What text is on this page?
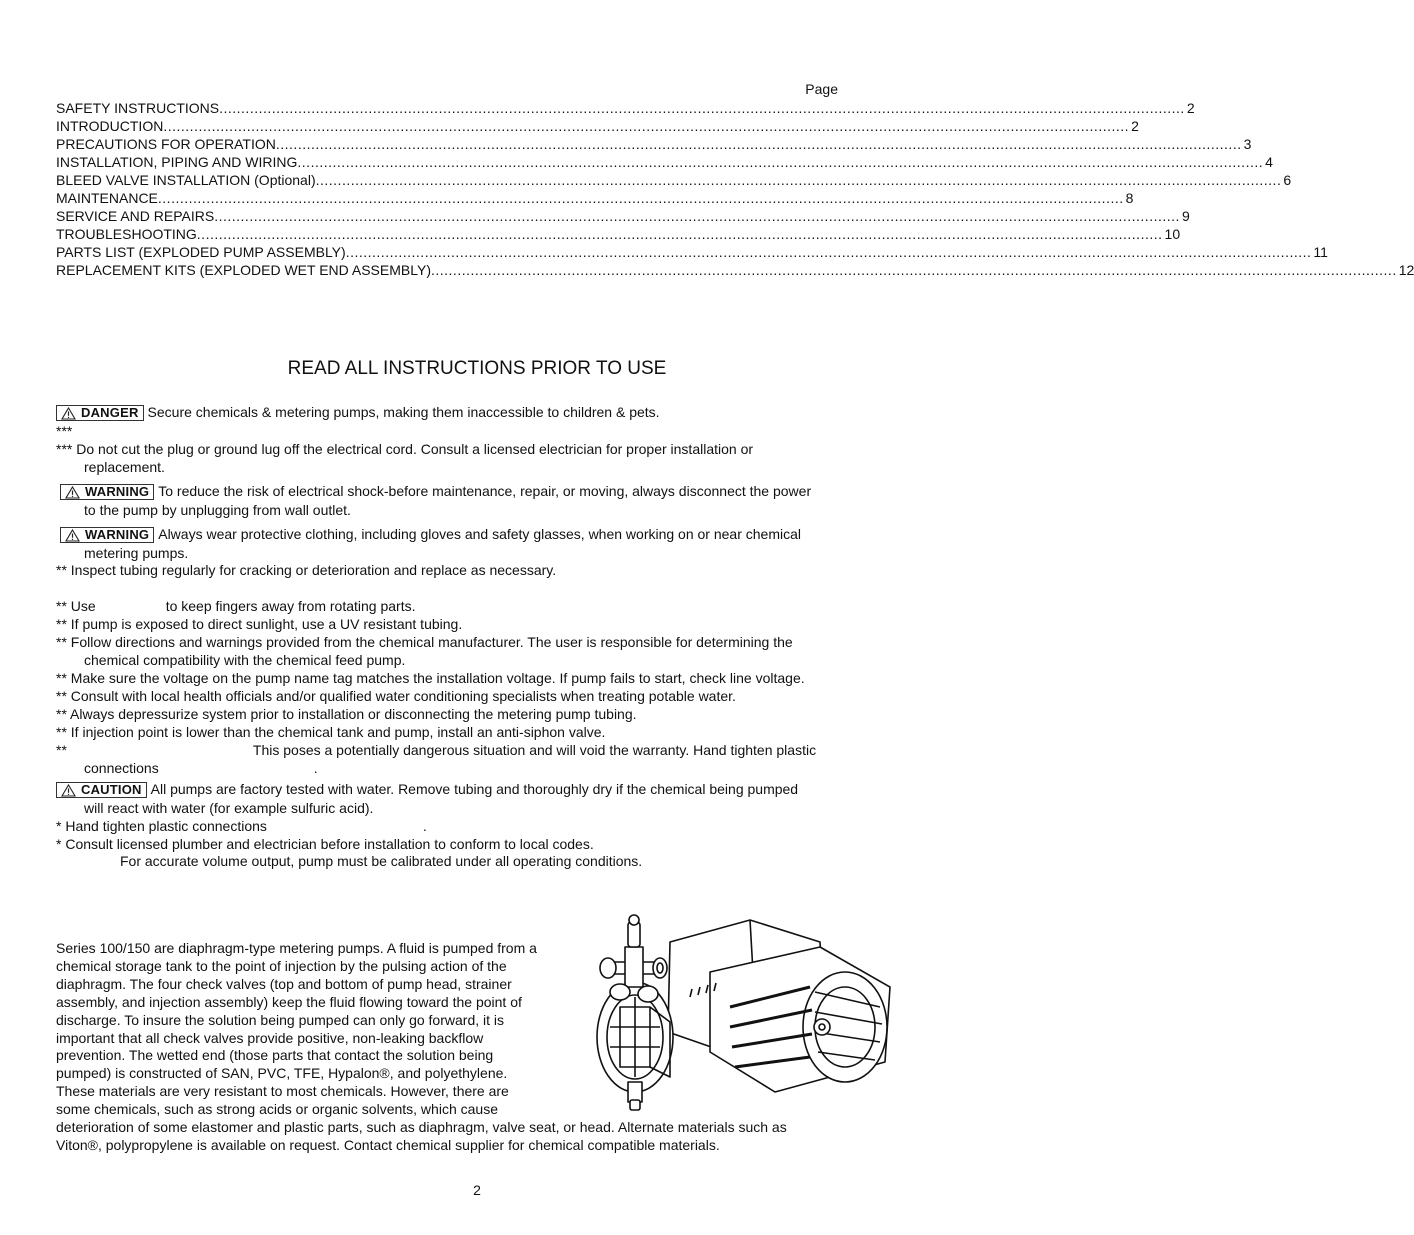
Page
SAFETY INSTRUCTIONS ............................................................................................................................................................................................................................ 2
INTRODUCTION ............................................................................................................................................................................................................................ 2
PRECAUTIONS FOR OPERATION ............................................................................................................................................................................................................................ 3
INSTALLATION, PIPING AND WIRING ............................................................................................................................................................................................................................ 4
BLEED VALVE INSTALLATION (Optional) ............................................................................................................................................................................................................................ 6
MAINTENANCE ............................................................................................................................................................................................................................ 8
SERVICE AND REPAIRS ............................................................................................................................................................................................................................ 9
TROUBLESHOOTING ............................................................................................................................................................................................................................ 10
PARTS LIST (EXPLODED PUMP ASSEMBLY) ............................................................................................................................................................................................................................ 11
REPLACEMENT KITS (EXPLODED WET END ASSEMBLY) ............................................................................................................................................................................................................................ 12
READ ALL INSTRUCTIONS PRIOR TO USE
DANGER Secure chemicals & metering pumps, making them inaccessible to children & pets.
***
*** Do not cut the plug or ground lug off the electrical cord. Consult a licensed electrician for proper installation or
replacement.
WARNING To reduce the risk of electrical shock-before maintenance, repair, or moving, always disconnect the power
to the pump by unplugging from wall outlet.
WARNING Always wear protective clothing, including gloves and safety glasses, when working on or near chemical
metering pumps.
** Inspect tubing regularly for cracking or deterioration and replace as necessary.
** Use	to keep fingers away from rotating parts.
** If pump is exposed to direct sunlight, use a UV resistant tubing.
** Follow directions and warnings provided from the chemical manufacturer. The user is responsible for determining the
chemical compatibility with the chemical feed pump.
** Make sure the voltage on the pump name tag matches the installation voltage. If pump fails to start, check line voltage.
** Consult with local health officials and/or qualified water conditioning specialists when treating potable water.
** Always depressurize system prior to installation or disconnecting the metering pump tubing.
** If injection point is lower than the chemical tank and pump, install an anti-siphon valve.
**	This poses a potentially dangerous situation and will void the warranty. Hand tighten plastic
connections	.
CAUTION All pumps are factory tested with water. Remove tubing and thoroughly dry if the chemical being pumped
will react with water (for example sulfuric acid).
* Hand tighten plastic connections	.
* Consult licensed plumber and electrician before installation to conform to local codes.
For accurate volume output, pump must be calibrated under all operating conditions.
Series 100/150 are diaphragm-type metering pumps. A fluid is pumped from a
chemical storage tank to the point of injection by the pulsing action of the
diaphragm. The four check valves (top and bottom of pump head, strainer
assembly, and injection assembly) keep the fluid flowing toward the point of
discharge. To insure the solution being pumped can only go forward, it is
important that all check valves provide positive, non-leaking backflow
prevention. The wetted end (those parts that contact the solution being
pumped) is constructed of SAN, PVC, TFE, Hypalon®, and polyethylene.
These materials are very resistant to most chemicals. However, there are
some chemicals, such as strong acids or organic solvents, which cause
deterioration of some elastomer and plastic parts, such as diaphragm, valve seat, or head. Alternate materials such as
Viton®, polypropylene is available on request. Contact chemical supplier for chemical compatible materials.
2
